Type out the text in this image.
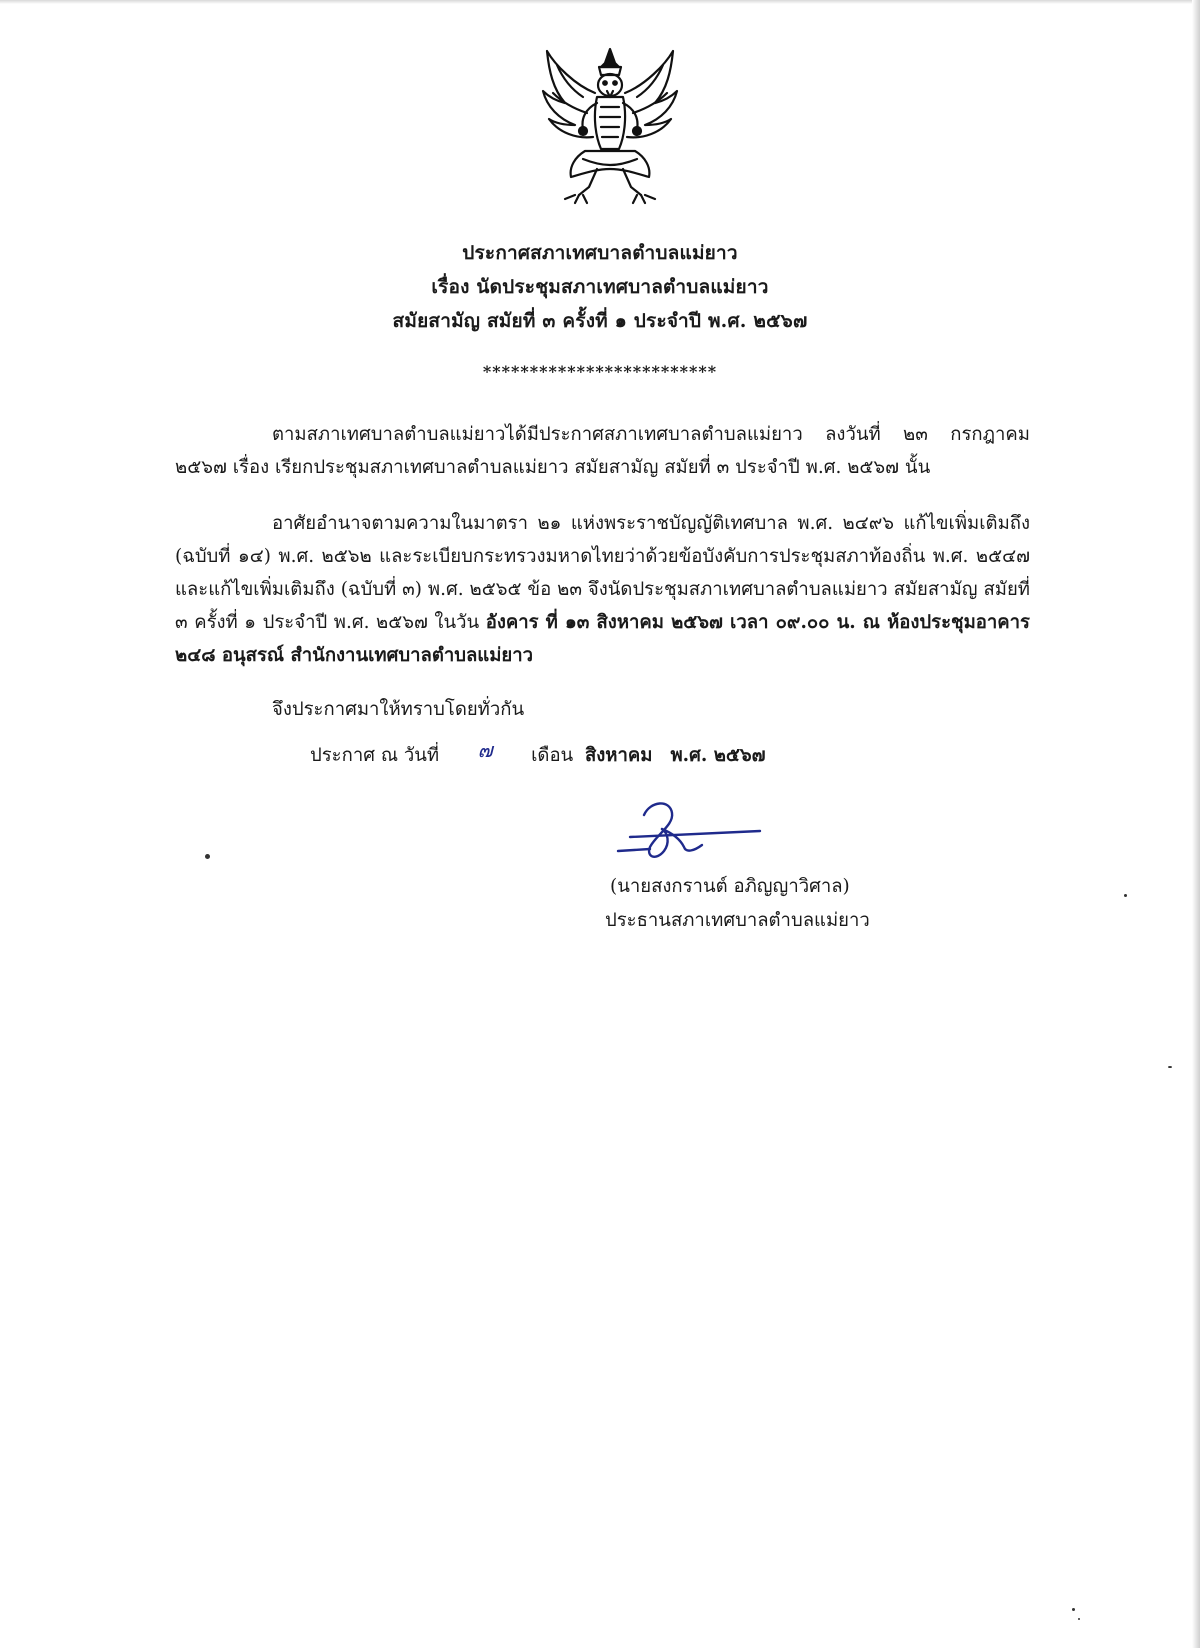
ประกาศสภาเทศบาลตำบลแม่ยาว
เรื่อง นัดประชุมสภาเทศบาลตำบลแม่ยาว
สมัยสามัญ สมัยที่ ๓ ครั้งที่ ๑ ประจำปี พ.ศ. ๒๕๖๗
*************************
ตามสภาเทศบาลตำบลแม่ยาวได้มีประกาศสภาเทศบาลตำบลแม่ยาว ลงวันที่ ๒๓ กรกฎาคม ๒๕๖๗ เรื่อง เรียกประชุมสภาเทศบาลตำบลแม่ยาว สมัยสามัญ สมัยที่ ๓ ประจำปี พ.ศ. ๒๕๖๗ นั้น
อาศัยอำนาจตามความในมาตรา ๒๑ แห่งพระราชบัญญัติเทศบาล พ.ศ. ๒๔๙๖ แก้ไขเพิ่มเติมถึง (ฉบับที่ ๑๔) พ.ศ. ๒๕๖๒ และระเบียบกระทรวงมหาดไทยว่าด้วยข้อบังคับการประชุมสภาท้องถิ่น พ.ศ. ๒๕๔๗ และแก้ไขเพิ่มเติมถึง (ฉบับที่ ๓) พ.ศ. ๒๕๖๕ ข้อ ๒๓ จึงนัดประชุมสภาเทศบาลตำบลแม่ยาว สมัยสามัญ สมัยที่ ๓ ครั้งที่ ๑ ประจำปี พ.ศ. ๒๕๖๗ ในวัน อังคาร ที่ ๑๓ สิงหาคม ๒๕๖๗ เวลา ๐๙.๐๐ น. ณ ห้องประชุมอาคาร ๒๔๘ อนุสรณ์ สำนักงานเทศบาลตำบลแม่ยาว
จึงประกาศมาให้ทราบโดยทั่วกัน
ประกาศ ณ วันที่ ๗ เดือน สิงหาคม พ.ศ. ๒๕๖๗
(นายสงกรานต์ อภิญญาวิศาล)
ประธานสภาเทศบาลตำบลแม่ยาว
